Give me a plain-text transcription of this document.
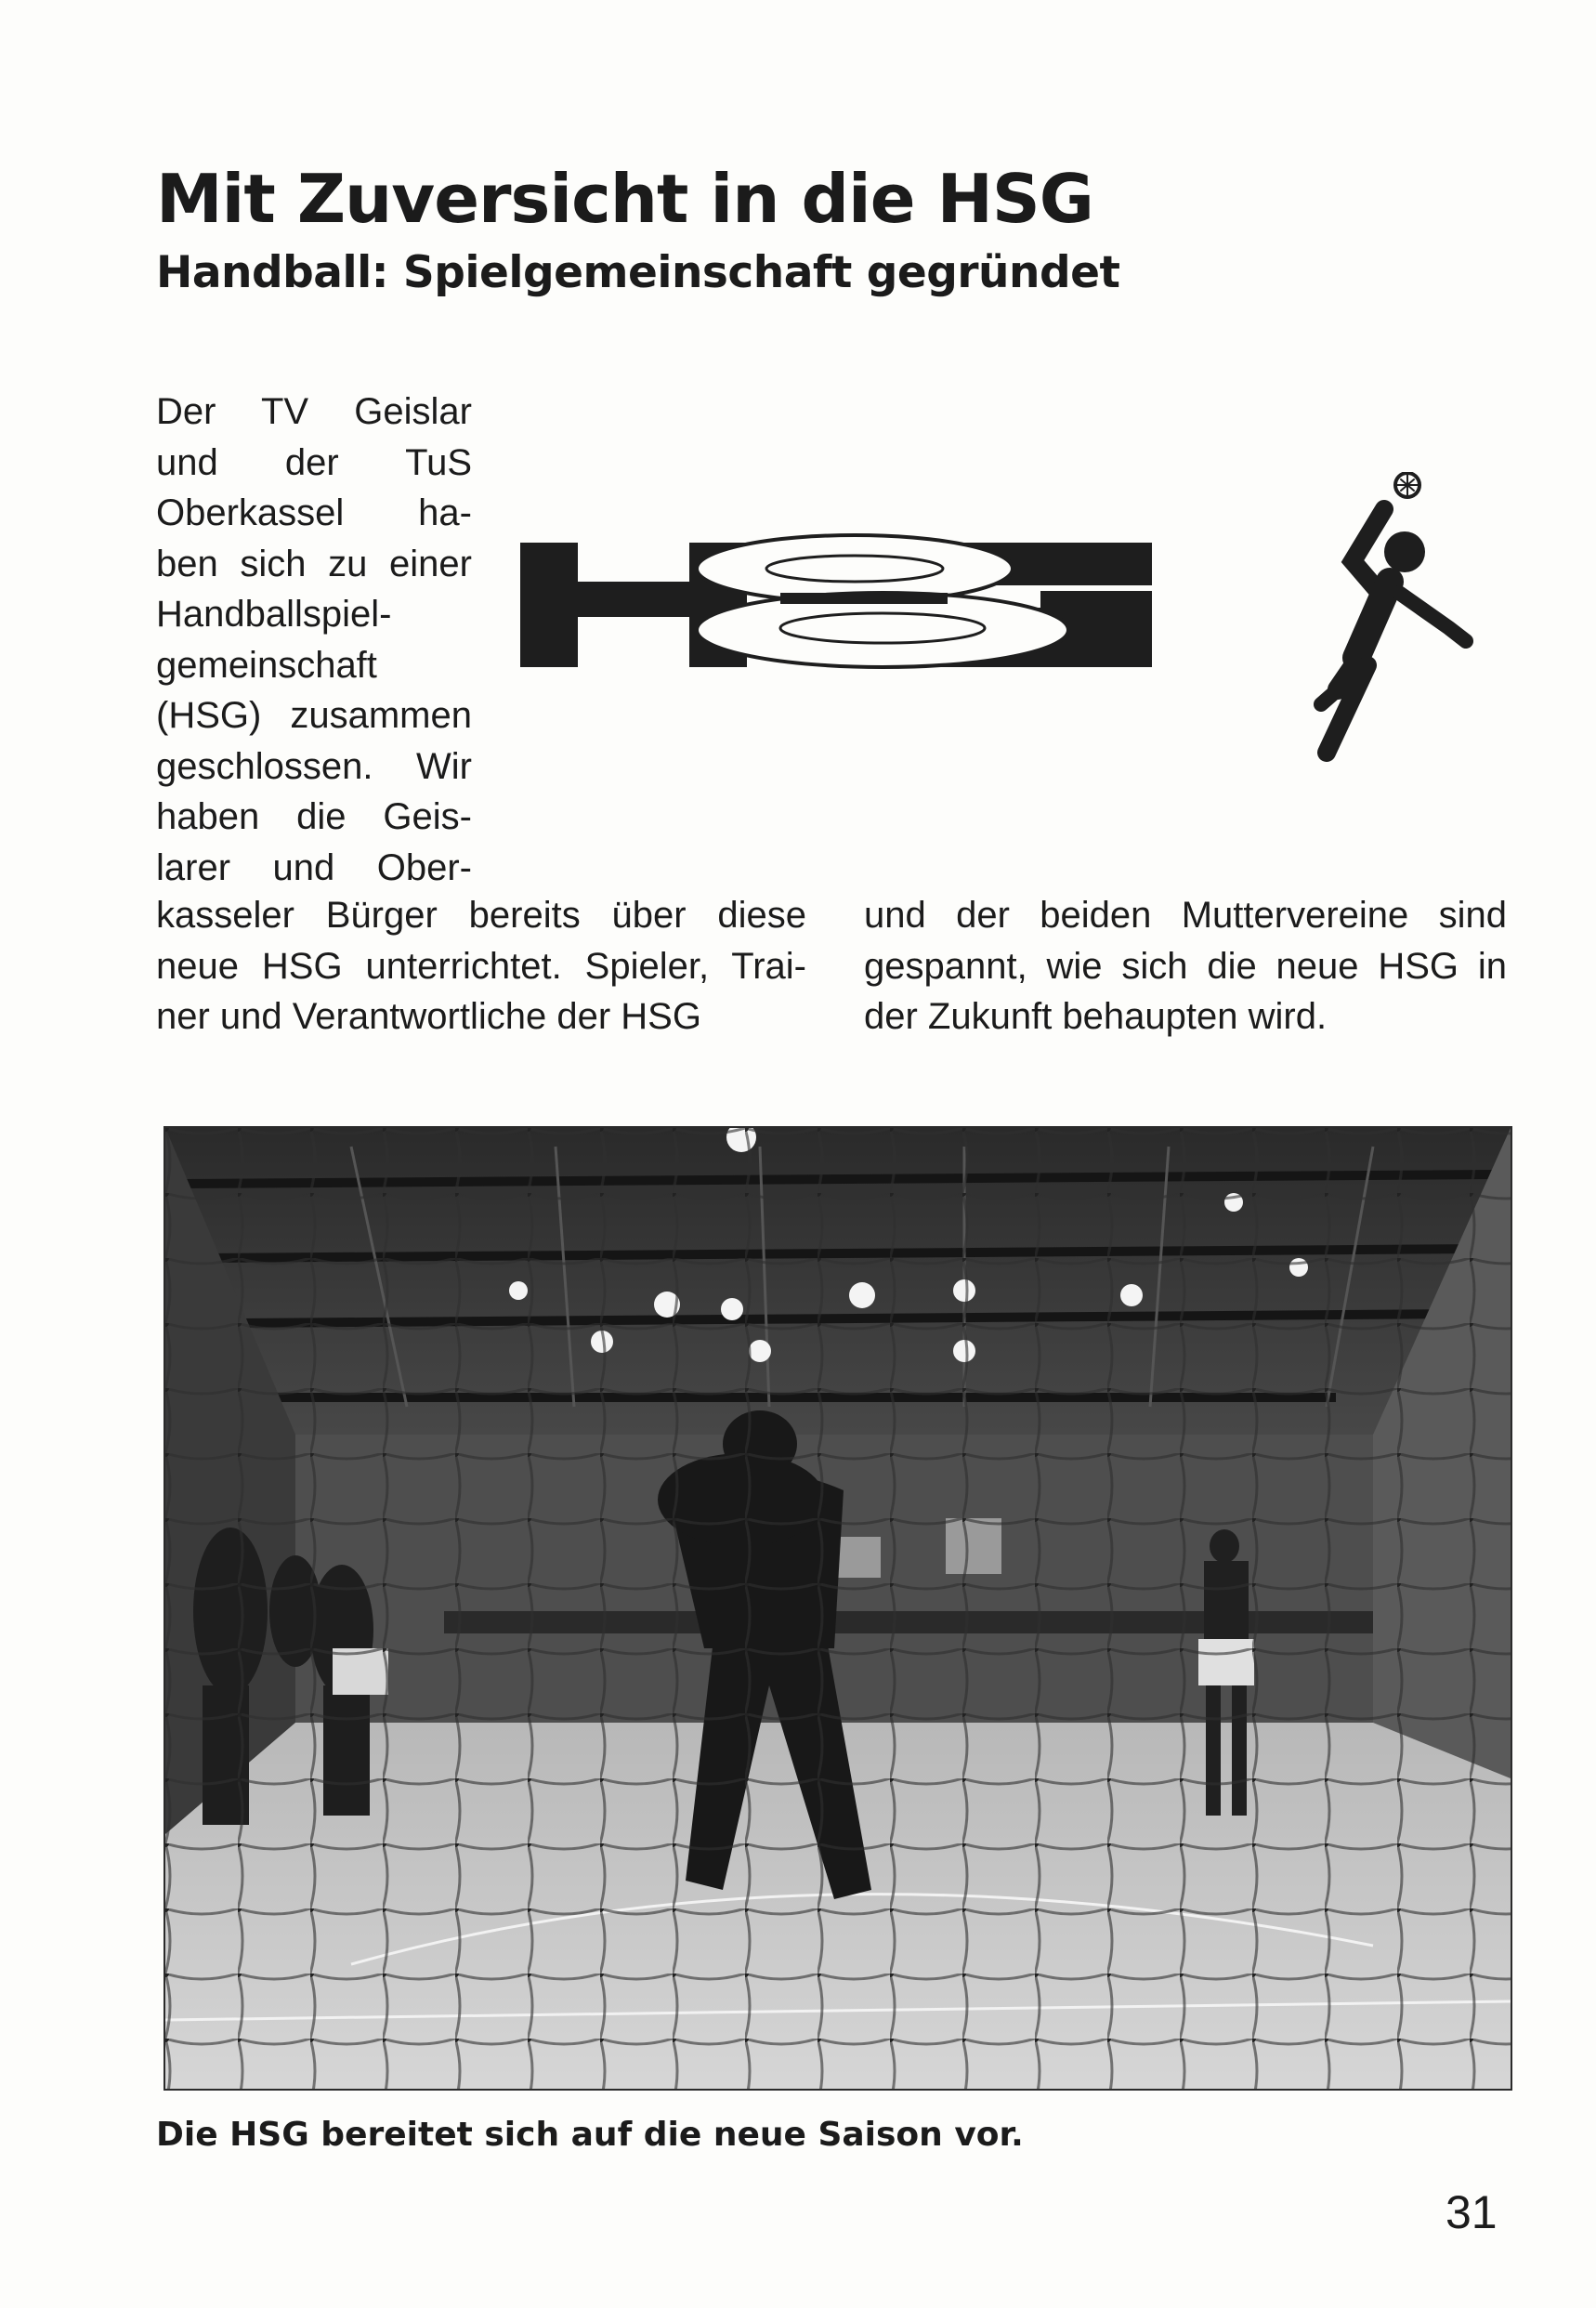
Mit Zuversicht in die HSG
Handball: Spielgemeinschaft gegründet
Der TV Geislar
und der TuS
Oberkassel ha-
ben sich zu einer
Handballspiel-
gemeinschaft
(HSG) zusammen
geschlossen. Wir
haben die Geis-
larer und Ober-
kasseler Bürger bereits über diese
neue HSG unterrichtet. Spieler, Trai-
ner und Verantwortliche der HSG
und der beiden Muttervereine sind
gespannt, wie sich die neue HSG in
der Zukunft behaupten wird.

Die HSG bereitet sich auf die neue Saison vor.

31
